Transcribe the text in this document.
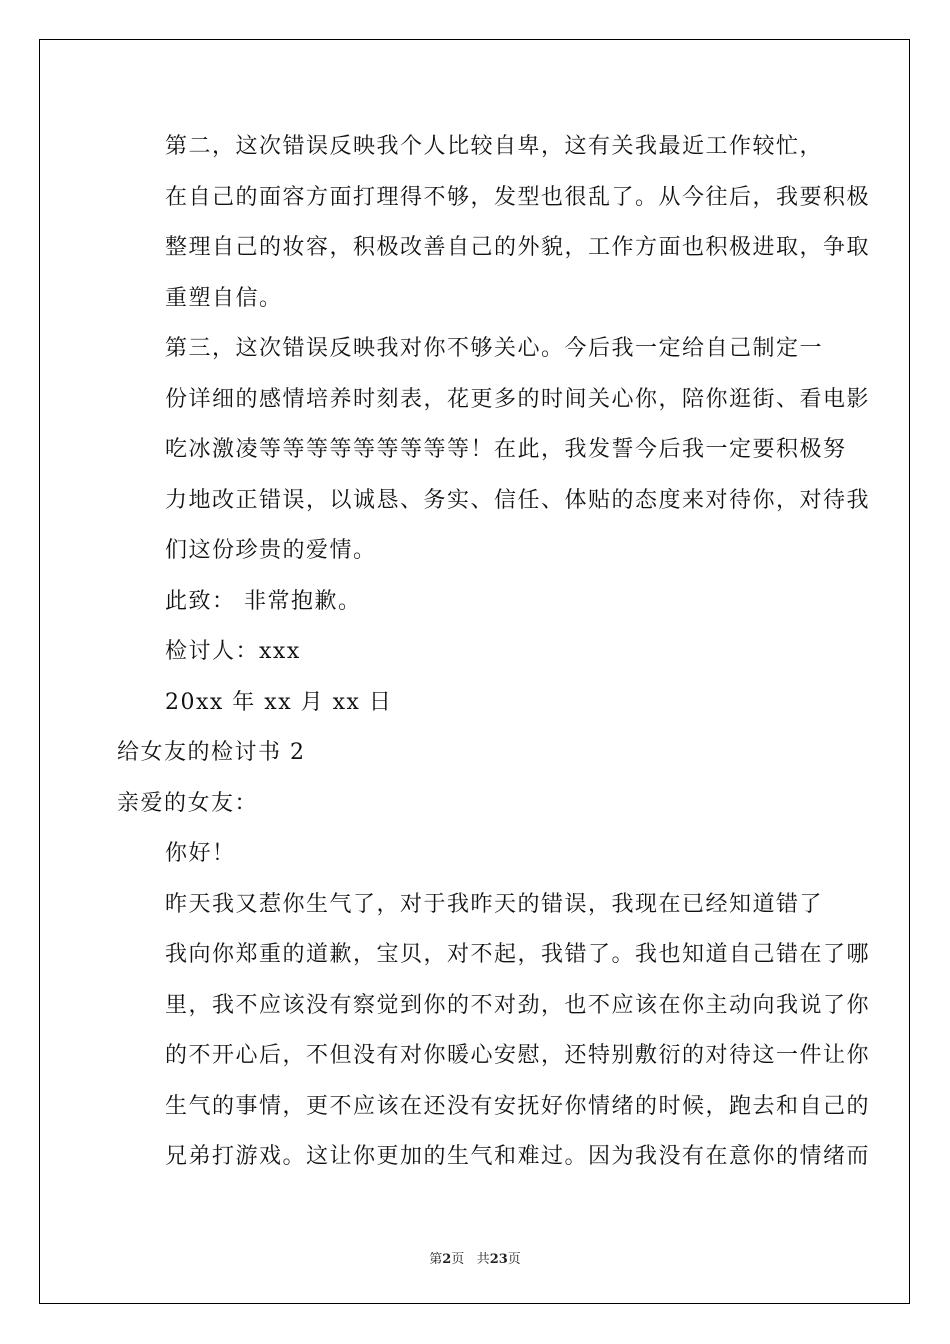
第二，这次错误反映我个人比较自卑，这有关我最近工作较忙，
在自己的面容方面打理得不够，发型也很乱了。从今往后，我要积极
整理自己的妆容，积极改善自己的外貌，工作方面也积极进取，争取
重塑自信。
第三，这次错误反映我对你不够关心。今后我一定给自己制定一
份详细的感情培养时刻表，花更多的时间关心你，陪你逛街、看电影
吃冰激凌等等等等等等等等等！在此，我发誓今后我一定要积极努
力地改正错误，以诚恳、务实、信任、体贴的态度来对待你，对待我
们这份珍贵的爱情。
此致： 非常抱歉。
检讨人：xxx
20xx 年 xx 月 xx 日
给女友的检讨书 2
亲爱的女友：
你好！
昨天我又惹你生气了，对于我昨天的错误，我现在已经知道错了
我向你郑重的道歉，宝贝，对不起，我错了。我也知道自己错在了哪
里，我不应该没有察觉到你的不对劲，也不应该在你主动向我说了你
的不开心后，不但没有对你暖心安慰，还特别敷衍的对待这一件让你
生气的事情，更不应该在还没有安抚好你情绪的时候，跑去和自己的
兄弟打游戏。这让你更加的生气和难过。因为我没有在意你的情绪而
第2页 共23页
